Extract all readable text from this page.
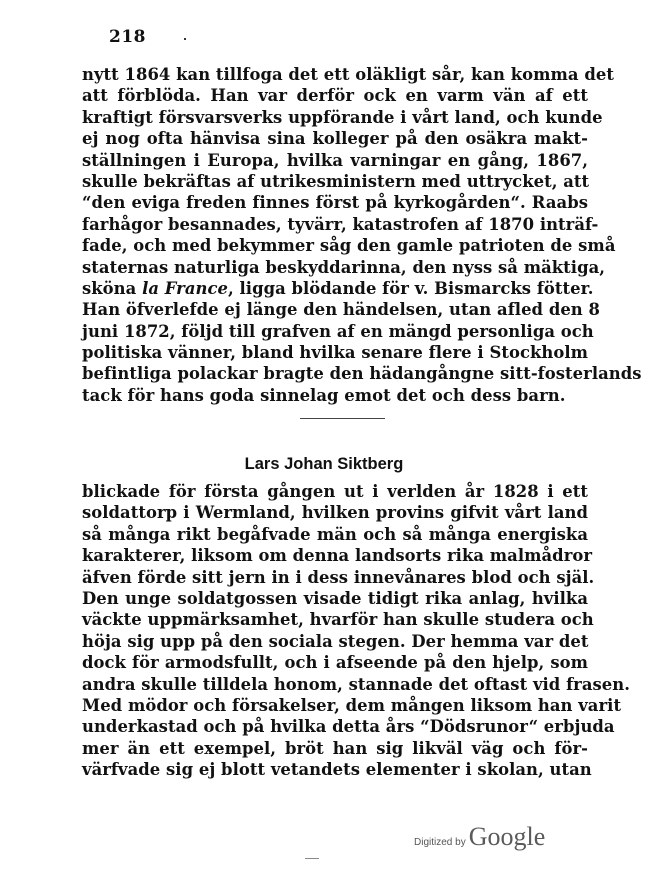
218
nytt 1864 kan tillfoga det ett oläkligt sår, kan komma det
att förblöda. Han var derför ock en varm vän af ett
kraftigt försvarsverks uppförande i vårt land, och kunde
ej nog ofta hänvisa sina kolleger på den osäkra makt-
ställningen i Europa, hvilka varningar en gång, 1867,
skulle bekräftas af utrikesministern med uttrycket, att
“den eviga freden finnes först på kyrkogården“. Raabs
farhågor besannades, tyvärr, katastrofen af 1870 inträf-
fade, och med bekymmer såg den gamle patrioten de små
staternas naturliga beskyddarinna, den nyss så mäktiga,
sköna la France, ligga blödande för v. Bismarcks fötter.
Han öfverlefde ej länge den händelsen, utan afled den 8
juni 1872, följd till grafven af en mängd personliga och
politiska vänner, bland hvilka senare flere i Stockholm
befintliga polackar bragte den hädangångne sitt-fosterlands
tack för hans goda sinnelag emot det och dess barn.
Lars Johan Siktberg
blickade för första gången ut i verlden år 1828 i ett
soldattorp i Wermland, hvilken provins gifvit vårt land
så många rikt begåfvade män och så många energiska
karakterer, liksom om denna landsorts rika malmådror
äfven förde sitt jern in i dess innevånares blod och själ.
Den unge soldatgossen visade tidigt rika anlag, hvilka
väckte uppmärksamhet, hvarför han skulle studera och
höja sig upp på den sociala stegen. Der hemma var det
dock för armodsfullt, och i afseende på den hjelp, som
andra skulle tilldela honom, stannade det oftast vid frasen.
Med mödor och försakelser, dem mången liksom han varit
underkastad och på hvilka detta års “Dödsrunor“ erbjuda
mer än ett exempel, bröt han sig likväl väg och för-
värfvade sig ej blott vetandets elementer i skolan, utan
Digitized by Google
